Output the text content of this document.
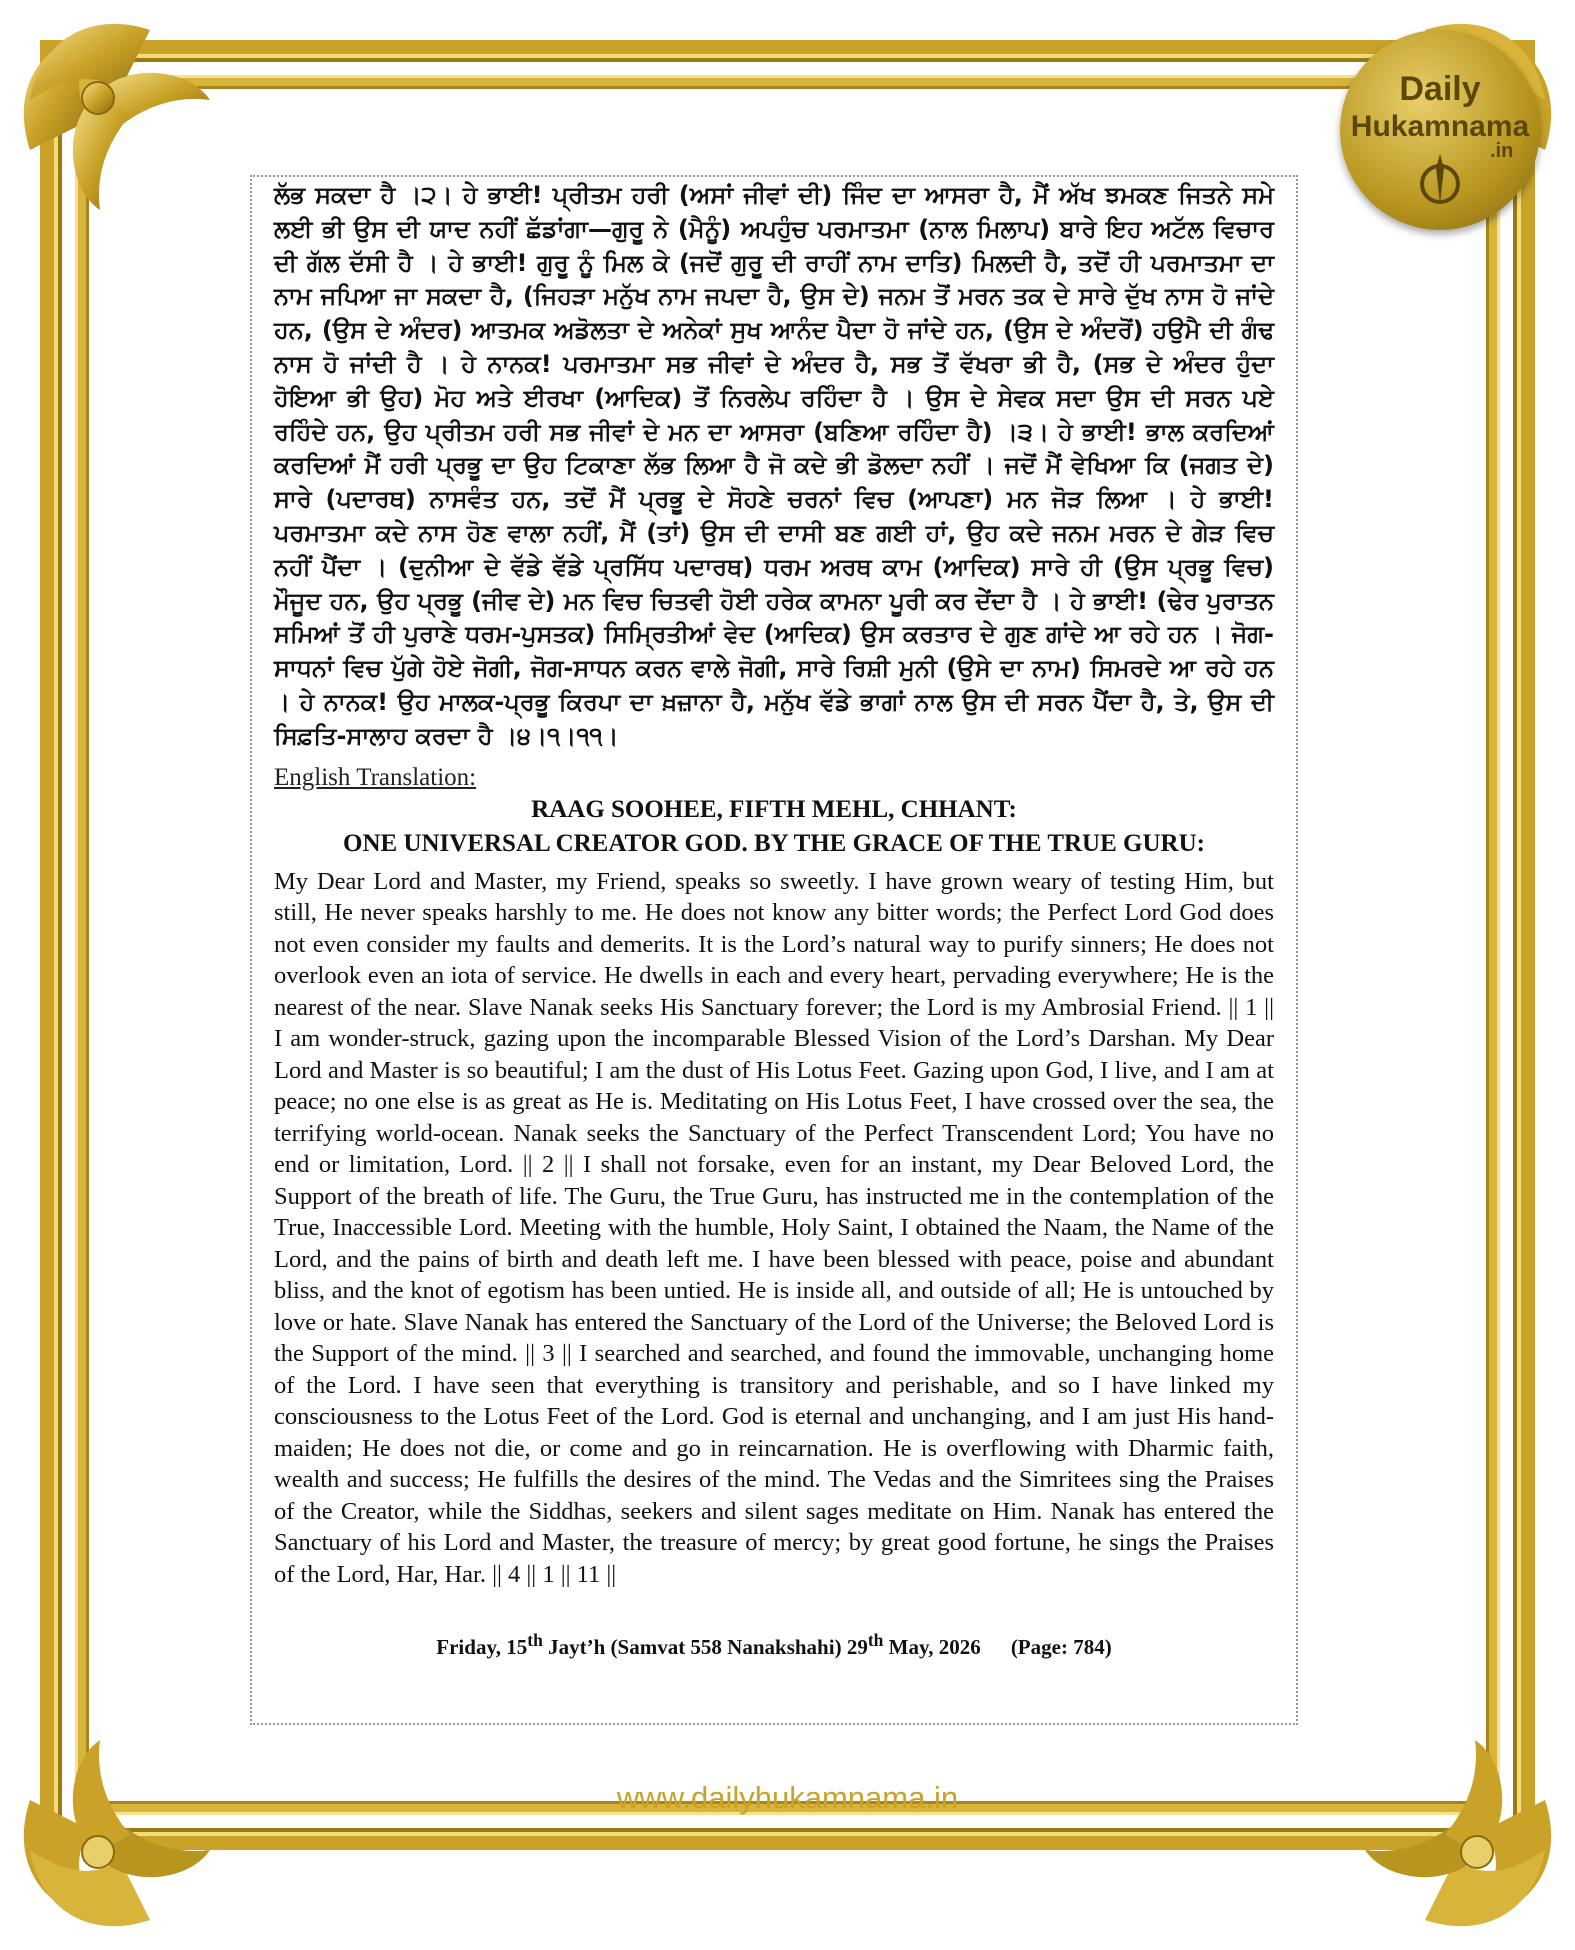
Daily
Hukamnama
.in

ਲੱਭ ਸਕਦਾ ਹੈ ।੨। ਹੇ ਭਾਈ! ਪ੍ਰੀਤਮ ਹਰੀ (ਅਸਾਂ ਜੀਵਾਂ ਦੀ) ਜਿੰਦ ਦਾ ਆਸਰਾ ਹੈ, ਮੈਂ ਅੱਖ ਝਮਕਣ ਜਿਤਨੇ ਸਮੇ ਲਈ ਭੀ ਉਸ ਦੀ ਯਾਦ ਨਹੀਂ ਛੱਡਾਂਗਾ—ਗੁਰੂ ਨੇ (ਮੈਨੂੰ) ਅਪਹੁੰਚ ਪਰਮਾਤਮਾ (ਨਾਲ ਮਿਲਾਪ) ਬਾਰੇ ਇਹ ਅਟੱਲ ਵਿਚਾਰ ਦੀ ਗੱਲ ਦੱਸੀ ਹੈ । ਹੇ ਭਾਈ! ਗੁਰੂ ਨੂੰ ਮਿਲ ਕੇ (ਜਦੋਂ ਗੁਰੂ ਦੀ ਰਾਹੀਂ ਨਾਮ ਦਾਤਿ) ਮਿਲਦੀ ਹੈ, ਤਦੋਂ ਹੀ ਪਰਮਾਤਮਾ ਦਾ ਨਾਮ ਜਪਿਆ ਜਾ ਸਕਦਾ ਹੈ, (ਜਿਹੜਾ ਮਨੁੱਖ ਨਾਮ ਜਪਦਾ ਹੈ, ਉਸ ਦੇ) ਜਨਮ ਤੋਂ ਮਰਨ ਤਕ ਦੇ ਸਾਰੇ ਦੁੱਖ ਨਾਸ ਹੋ ਜਾਂਦੇ ਹਨ, (ਉਸ ਦੇ ਅੰਦਰ) ਆਤਮਕ ਅਡੋਲਤਾ ਦੇ ਅਨੇਕਾਂ ਸੁਖ ਆਨੰਦ ਪੈਦਾ ਹੋ ਜਾਂਦੇ ਹਨ, (ਉਸ ਦੇ ਅੰਦਰੋਂ) ਹਉਮੈ ਦੀ ਗੰਢ ਨਾਸ ਹੋ ਜਾਂਦੀ ਹੈ । ਹੇ ਨਾਨਕ! ਪਰਮਾਤਮਾ ਸਭ ਜੀਵਾਂ ਦੇ ਅੰਦਰ ਹੈ, ਸਭ ਤੋਂ ਵੱਖਰਾ ਭੀ ਹੈ, (ਸਭ ਦੇ ਅੰਦਰ ਹੁੰਦਾ ਹੋਇਆ ਭੀ ਉਹ) ਮੋਹ ਅਤੇ ਈਰਖਾ (ਆਦਿਕ) ਤੋਂ ਨਿਰਲੇਪ ਰਹਿੰਦਾ ਹੈ । ਉਸ ਦੇ ਸੇਵਕ ਸਦਾ ਉਸ ਦੀ ਸਰਨ ਪਏ ਰਹਿੰਦੇ ਹਨ, ਉਹ ਪ੍ਰੀਤਮ ਹਰੀ ਸਭ ਜੀਵਾਂ ਦੇ ਮਨ ਦਾ ਆਸਰਾ (ਬਣਿਆ ਰਹਿੰਦਾ ਹੈ) ।੩। ਹੇ ਭਾਈ! ਭਾਲ ਕਰਦਿਆਂ ਕਰਦਿਆਂ ਮੈਂ ਹਰੀ ਪ੍ਰਭੂ ਦਾ ਉਹ ਟਿਕਾਣਾ ਲੱਭ ਲਿਆ ਹੈ ਜੋ ਕਦੇ ਭੀ ਡੋਲਦਾ ਨਹੀਂ । ਜਦੋਂ ਮੈਂ ਵੇਖਿਆ ਕਿ (ਜਗਤ ਦੇ) ਸਾਰੇ (ਪਦਾਰਥ) ਨਾਸਵੰਤ ਹਨ, ਤਦੋਂ ਮੈਂ ਪ੍ਰਭੂ ਦੇ ਸੋਹਣੇ ਚਰਨਾਂ ਵਿਚ (ਆਪਣਾ) ਮਨ ਜੋੜ ਲਿਆ । ਹੇ ਭਾਈ! ਪਰਮਾਤਮਾ ਕਦੇ ਨਾਸ ਹੋਣ ਵਾਲਾ ਨਹੀਂ, ਮੈਂ (ਤਾਂ) ਉਸ ਦੀ ਦਾਸੀ ਬਣ ਗਈ ਹਾਂ, ਉਹ ਕਦੇ ਜਨਮ ਮਰਨ ਦੇ ਗੇੜ ਵਿਚ ਨਹੀਂ ਪੈਂਦਾ । (ਦੁਨੀਆ ਦੇ ਵੱਡੇ ਵੱਡੇ ਪ੍ਰਸਿੱਧ ਪਦਾਰਥ) ਧਰਮ ਅਰਥ ਕਾਮ (ਆਦਿਕ) ਸਾਰੇ ਹੀ (ਉਸ ਪ੍ਰਭੂ ਵਿਚ) ਮੌਜੂਦ ਹਨ, ਉਹ ਪ੍ਰਭੂ (ਜੀਵ ਦੇ) ਮਨ ਵਿਚ ਚਿਤਵੀ ਹੋਈ ਹਰੇਕ ਕਾਮਨਾ ਪੂਰੀ ਕਰ ਦੇਂਦਾ ਹੈ । ਹੇ ਭਾਈ! (ਢੇਰ ਪੁਰਾਤਨ ਸਮਿਆਂ ਤੋਂ ਹੀ ਪੁਰਾਣੇ ਧਰਮ-ਪੁਸਤਕ) ਸਿਮ੍ਰਿਤੀਆਂ ਵੇਦ (ਆਦਿਕ) ਉਸ ਕਰਤਾਰ ਦੇ ਗੁਣ ਗਾਂਦੇ ਆ ਰਹੇ ਹਨ । ਜੋਗ-ਸਾਧਨਾਂ ਵਿਚ ਪੁੱਗੇ ਹੋਏ ਜੋਗੀ, ਜੋਗ-ਸਾਧਨ ਕਰਨ ਵਾਲੇ ਜੋਗੀ, ਸਾਰੇ ਰਿਸ਼ੀ ਮੁਨੀ (ਉਸੇ ਦਾ ਨਾਮ) ਸਿਮਰਦੇ ਆ ਰਹੇ ਹਨ । ਹੇ ਨਾਨਕ! ਉਹ ਮਾਲਕ-ਪ੍ਰਭੂ ਕਿਰਪਾ ਦਾ ਖ਼ਜ਼ਾਨਾ ਹੈ, ਮਨੁੱਖ ਵੱਡੇ ਭਾਗਾਂ ਨਾਲ ਉਸ ਦੀ ਸਰਨ ਪੈਂਦਾ ਹੈ, ਤੇ, ਉਸ ਦੀ ਸਿਫ਼ਤਿ-ਸਾਲਾਹ ਕਰਦਾ ਹੈ ।੪।੧।੧੧।

English Translation:
RAAG SOOHEE, FIFTH MEHL, CHHANT:
ONE UNIVERSAL CREATOR GOD. BY THE GRACE OF THE TRUE GURU:

My Dear Lord and Master, my Friend, speaks so sweetly. I have grown weary of testing Him, but still, He never speaks harshly to me. He does not know any bitter words; the Perfect Lord God does not even consider my faults and demerits. It is the Lord’s natural way to purify sinners; He does not overlook even an iota of service. He dwells in each and every heart, pervading everywhere; He is the nearest of the near. Slave Nanak seeks His Sanctuary forever; the Lord is my Ambrosial Friend. || 1 || I am wonder-struck, gazing upon the incomparable Blessed Vision of the Lord’s Darshan. My Dear Lord and Master is so beautiful; I am the dust of His Lotus Feet. Gazing upon God, I live, and I am at peace; no one else is as great as He is. Meditating on His Lotus Feet, I have crossed over the sea, the terrifying world-ocean. Nanak seeks the Sanctuary of the Perfect Transcendent Lord; You have no end or limitation, Lord. || 2 || I shall not forsake, even for an instant, my Dear Beloved Lord, the Support of the breath of life. The Guru, the True Guru, has instructed me in the contemplation of the True, Inaccessible Lord. Meeting with the humble, Holy Saint, I obtained the Naam, the Name of the Lord, and the pains of birth and death left me. I have been blessed with peace, poise and abundant bliss, and the knot of egotism has been untied. He is inside all, and outside of all; He is untouched by love or hate. Slave Nanak has entered the Sanctuary of the Lord of the Universe; the Beloved Lord is the Support of the mind. || 3 || I searched and searched, and found the immovable, unchanging home of the Lord. I have seen that everything is transitory and perishable, and so I have linked my consciousness to the Lotus Feet of the Lord. God is eternal and unchanging, and I am just His hand-maiden; He does not die, or come and go in reincarnation. He is overflowing with Dharmic faith, wealth and success; He fulfills the desires of the mind. The Vedas and the Simritees sing the Praises of the Creator, while the Siddhas, seekers and silent sages meditate on Him. Nanak has entered the Sanctuary of his Lord and Master, the treasure of mercy; by great good fortune, he sings the Praises of the Lord, Har, Har. || 4 || 1 || 11 ||

Friday, 15th Jayt’h (Samvat 558 Nanakshahi) 29th May, 2026 (Page: 784)
www.dailyhukamnama.in
